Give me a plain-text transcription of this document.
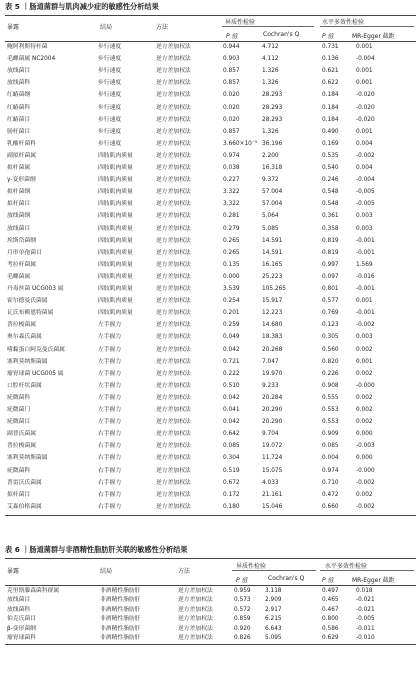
表 5 ｜肠道菌群与肌肉减少症的敏感性分析结果
暴露	结局	方法
异质性检验	水平多效性检验
P 值	Cochran's Q	P 值	MR-Egger 截距
鲍阿利斯特杆菌	步行速度	逆方差加权法	0.944	4.712	0.731	0.001
毛螺菌属 NC2004	步行速度	逆方差加权法	0.903	4.112	0.136	-0.004
放线菌目	步行速度	逆方差加权法	0.857	1.326	0.621	0.001
放线菌科	步行速度	逆方差加权法	0.857	1.326	0.622	0.001
红蝽菌纲	步行速度	逆方差加权法	0.020	28.293	0.184	-0.020
红蝽菌科	步行速度	逆方差加权法	0.020	28.293	0.184	-0.020
红蝽菌目	步行速度	逆方差加权法	0.020	28.293	0.184	-0.020
肠杆菌目	步行速度	逆方差加权法	0.857	1.326	0.490	0.001
乳酸杆菌科	步行速度	逆方差加权法	3.660×10⁻⁵ 36.196	0.169	0.004
副拟杆菌属	四肢肌肉质量	逆方差加权法	0.974	2.200	0.535	-0.002
拟杆菌属	四肢肌肉质量	逆方差加权法	0.038	16.318	0.540	0.004
γ-变形菌纲	四肢肌肉质量	逆方差加权法	0.227	9.372	0.246	-0.004
拟杆菌纲	四肢肌肉质量	逆方差加权法	3.322	57.004	0.548	-0.005
拟杆菌目	四肢肌肉质量	逆方差加权法	3.322	57.004	0.548	-0.005
放线菌纲	四肢肌肉质量	逆方差加权法	0.281	5.064	0.361	0.003
放线菌目	四肢肌肉质量	逆方差加权法	0.279	5.085	0.358	0.003
埃斯岱菌纲	四肢肌肉质量	逆方差加权法	0.265	14.591	0.819	-0.001
月形单孢菌目	四肢肌肉质量	逆方差加权法	0.265	14.591	0.819	-0.001
考拉杆菌属	四肢肌肉质量	逆方差加权法	0.135	16.165	0.997	1.569
毛螺菌属	四肢肌肉质量	逆方差加权法	0.000	25.223	0.097	-0.016
丹毒丝菌 UCG003 属	四肢肌肉质量	逆方差加权法	3.539	105.265	0.801	-0.001
霍尔德曼氏菌属	四肢肌肉质量	逆方差加权法	0.254	15.917	0.577	0.001
瓦氏布赖恩特菌属	四肢肌肉质量	逆方差加权法	0.201	12.223	0.769	-0.001
普拉梭菌属	左手握力	逆方差加权法	0.259	14.680	0.123	-0.002
奥尔森氏菌属	左手握力	逆方差加权法	0.049	18.383	0.305	0.003
嗜黏蛋白阿克曼氏菌属	左手握力	逆方差加权法	0.042	20.268	0.560	0.002
塞利莫纳斯菌属	左手握力	逆方差加权法	0.721	7.047	0.820	0.001
瘤胃球菌 UCG005 属	左手握力	逆方差加权法	0.222	19.970	0.226	0.002
口腔杆状菌属	左手握力	逆方差加权法	0.510	9.233	0.908	-0.000
疣微菌科	左手握力	逆方差加权法	0.042	20.284	0.555	0.002
疣微菌门	左手握力	逆方差加权法	0.041	20.290	0.553	0.002
疣微菌目	左手握力	逆方差加权法	0.042	20.290	0.553	0.002
副普氏菌属	右手握力	逆方差加权法	0.642	9.704	0.909	0.000
普拉梭菌属	右手握力	逆方差加权法	0.085	19.072	0.085	-0.003
塞利莫纳斯菌属	右手握力	逆方差加权法	0.304	11.724	0.004	0.000
疣微菌科	右手握力	逆方差加权法	0.519	15.075	0.974	-0.000
普雷沃氏菌属	右手握力	逆方差加权法	0.672	4.033	0.710	-0.002
拟杆菌目	右手握力	逆方差加权法	0.172	21.161	0.472	0.002
艾森伯格菌属	右手握力	逆方差加权法	0.180	15.046	0.660	-0.002
表 6 ｜肠道菌群与非酒精性脂肪肝关联的敏感性分析结果
暴露	结局	方法
异质性检验	水平多效性检验
P 值	Cochran's Q	P 值	MR-Egger 截距
克里斯滕森菌科群属	非酒精性脂肪肝	逆方差加权法	0.959 3.118	0.497	0.018
放线菌目	非酒精性脂肪肝	逆方差加权法	0.573 2.909	0.465	-0.021
放线菌科	非酒精性脂肪肝	逆方差加权法	0.572 2.917	0.467	-0.021
伯克氏菌目	非酒精性脂肪肝	逆方差加权法	0.859 6.215	0.800	-0.005
β-变形菌纲	非酒精性脂肪肝	逆方差加权法	0.920 6.643	0.586	-0.011
瘤胃球菌科	非酒精性脂肪肝	逆方差加权法	0.826 5.095	0.629	-0.010
